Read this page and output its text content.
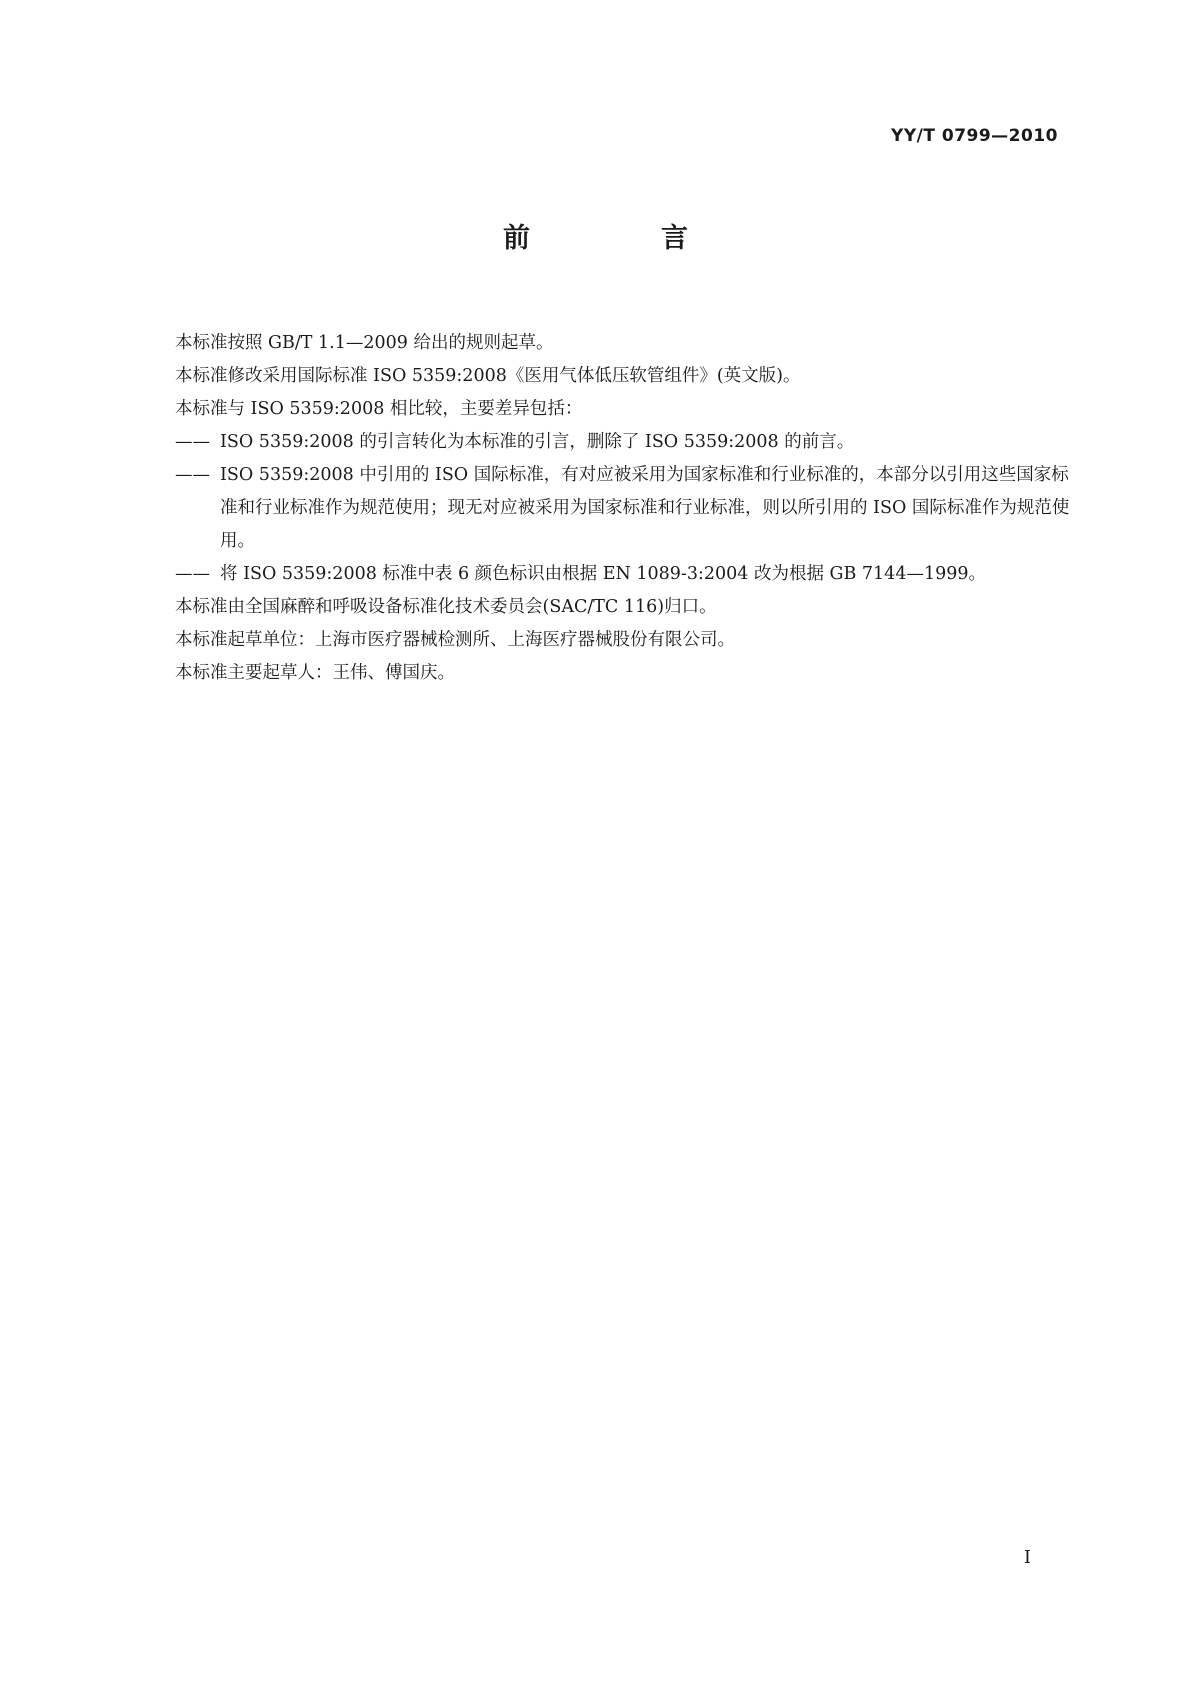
YY/T 0799—2010
前　言

本标准按照 GB/T 1.1—2009 给出的规则起草。

本标准修改采用国际标准 ISO 5359:2008《医用气体低压软管组件》(英文版)。

本标准与 ISO 5359:2008 相比较，主要差异包括：

—— ISO 5359:2008 的引言转化为本标准的引言，删除了 ISO 5359:2008 的前言。

—— ISO 5359:2008 中引用的 ISO 国际标准，有对应被采用为国家标准和行业标准的，本部分以引用这些国家标准和行业标准作为规范使用；现无对应被采用为国家标准和行业标准，则以所引用的 ISO 国际标准作为规范使用。

—— 将 ISO 5359:2008 标准中表 6 颜色标识由根据 EN 1089-3:2004 改为根据 GB 7144—1999。

本标准由全国麻醉和呼吸设备标准化技术委员会(SAC/TC 116)归口。

本标准起草单位：上海市医疗器械检测所、上海医疗器械股份有限公司。

本标准主要起草人：王伟、傅国庆。

I
